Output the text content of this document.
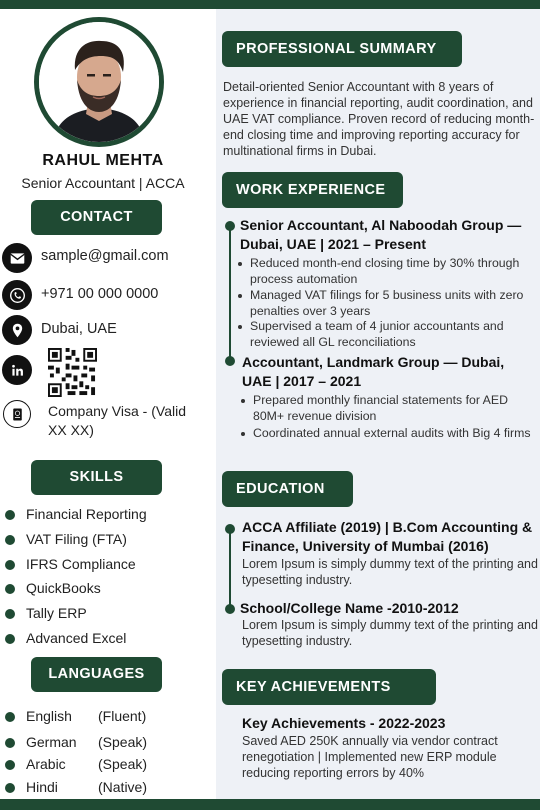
RAHUL MEHTA
Senior Accountant | ACCA
CONTACT
sample@gmail.com
+971 00 000 0000
Dubai, UAE
Company Visa - (Valid
XX XX)
SKILLS
Financial Reporting
VAT Filing (FTA)
IFRS Compliance
QuickBooks
Tally ERP
Advanced Excel
LANGUAGES
English (Fluent)
German (Speak)
Arabic (Speak)
Hindi	(Native)
PROFESSIONAL SUMMARY
Detail-oriented Senior Accountant with 8 years of experience in financial reporting, audit coordination, and UAE VAT compliance. Proven record of reducing month-end closing time and improving reporting accuracy for multinational firms in Dubai.
WORK EXPERIENCE
Senior Accountant, Al Naboodah Group — Dubai, UAE | 2021 – Present
Reduced month-end closing time by 30% through process automation
Managed VAT filings for 5 business units with zero penalties over 3 years
Supervised a team of 4 junior accountants and reviewed all GL reconciliations
Accountant, Landmark Group — Dubai, UAE | 2017 – 2021
Prepared monthly financial statements for AED 80M+ revenue division
Coordinated annual external audits with Big 4 firms
EDUCATION
ACCA Affiliate (2019) | B.Com Accounting & Finance, University of Mumbai (2016)
Lorem Ipsum is simply dummy text of the printing and typesetting industry.
School/College Name -2010-2012
Lorem Ipsum is simply dummy text of the printing and typesetting industry.
KEY ACHIEVEMENTS
Key Achievements - 2022-2023
Saved AED 250K annually via vendor contract renegotiation | Implemented new ERP module reducing reporting errors by 40%
